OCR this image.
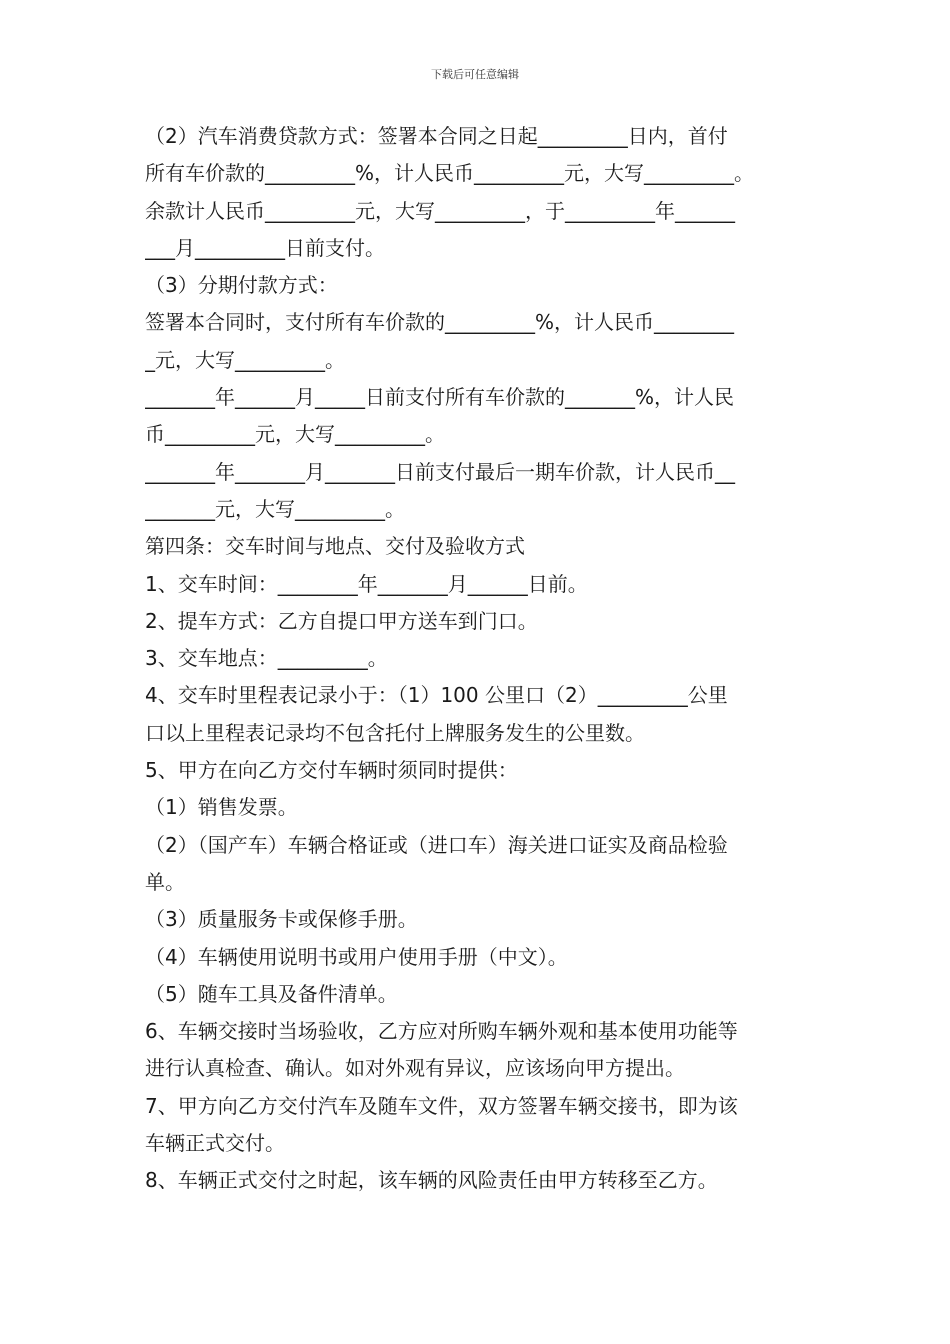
下载后可任意编辑

（2）汽车消费贷款方式：签署本合同之日起_________日内，首付

所有车价款的_________%，计人民币_________元，大写_________。

余款计人民币_________元，大写_________，于_________年______

___月_________日前支付。

（3）分期付款方式：

签署本合同时，支付所有车价款的_________%，计人民币________

_元，大写_________。

_______年______月_____日前支付所有车价款的_______%，计人民

币_________元，大写_________。

_______年_______月_______日前支付最后一期车价款，计人民币__

_______元，大写_________。

第四条：交车时间与地点、交付及验收方式

1、交车时间：________年_______月______日前。

2、提车方式：乙方自提口甲方送车到门口。

3、交车地点：_________。

4、交车时里程表记录小于：（1）100 公里口（2）_________公里

口以上里程表记录均不包含托付上牌服务发生的公里数。

5、甲方在向乙方交付车辆时须同时提供：

（1）销售发票。

（2）（国产车）车辆合格证或（进口车）海关进口证实及商品检验

单。

（3）质量服务卡或保修手册。

（4）车辆使用说明书或用户使用手册（中文）。

（5）随车工具及备件清单。

6、车辆交接时当场验收，乙方应对所购车辆外观和基本使用功能等

进行认真检查、确认。如对外观有异议，应该场向甲方提出。

7、甲方向乙方交付汽车及随车文件，双方签署车辆交接书，即为该

车辆正式交付。

8、车辆正式交付之时起，该车辆的风险责任由甲方转移至乙方。
